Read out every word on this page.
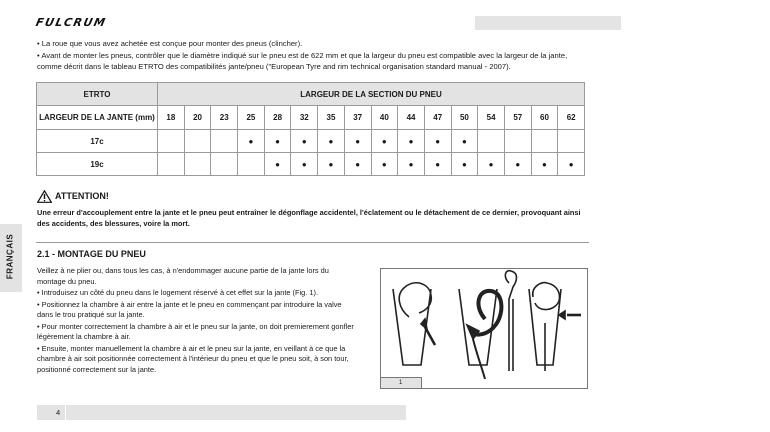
FULCRUM

• La roue que vous avez achetée est conçue pour monter des pneus (clincher).

• Avant de monter les pneus, contrôler que le diamètre indiqué sur le pneu est de 622 mm et que la largeur du pneu est compatible avec la largeur de la jante, comme décrit dans le tableau ETRTO des compatibilités jante/pneu ("European Tyre and rim technical organisation standard manual - 2007).

ETRTO	LARGEUR DE LA SECTION DU PNEU															
LARGEUR DE LA JANTE (mm)	18	20	23	25	28	32	35	37	40	44	47	50	54	57	60	62
17c				●	●	●	●	●	●	●	●	●				
19c					●	●	●	●	●	●	●	●	●	●	●	●
ATTENTION!
Une erreur d'accouplement entre la jante et le pneu peut entraîner le dégonflage accidentel, l'éclatement ou le détachement de ce dernier, provoquant ainsi des accidents, des blessures, voire la mort.
FRANÇAIS	2.1 - MONTAGE DU PNEU

Veillez à ne plier ou, dans tous les cas, à n'endommager aucune partie de la jante lors du montage du pneu.

• Introduisez un côté du pneu dans le logement réservé à cet effet sur la jante (Fig. 1).

• Positionnez la chambre à air entre la jante et le pneu en commençant par introduire la valve dans le trou pratiqué sur la jante.

• Pour monter correctement la chambre à air et le pneu sur la jante, on doit premierement gonfler légèrement la chambre à air.

• Ensuite, monter manuellement la chambre à air et le pneu sur la jante, en veillant à ce que la chambre à air soit positionnée correctement à l'intérieur du pneu et que le pneu soit, à son tour, positionné correctement sur la jante.

1
4
